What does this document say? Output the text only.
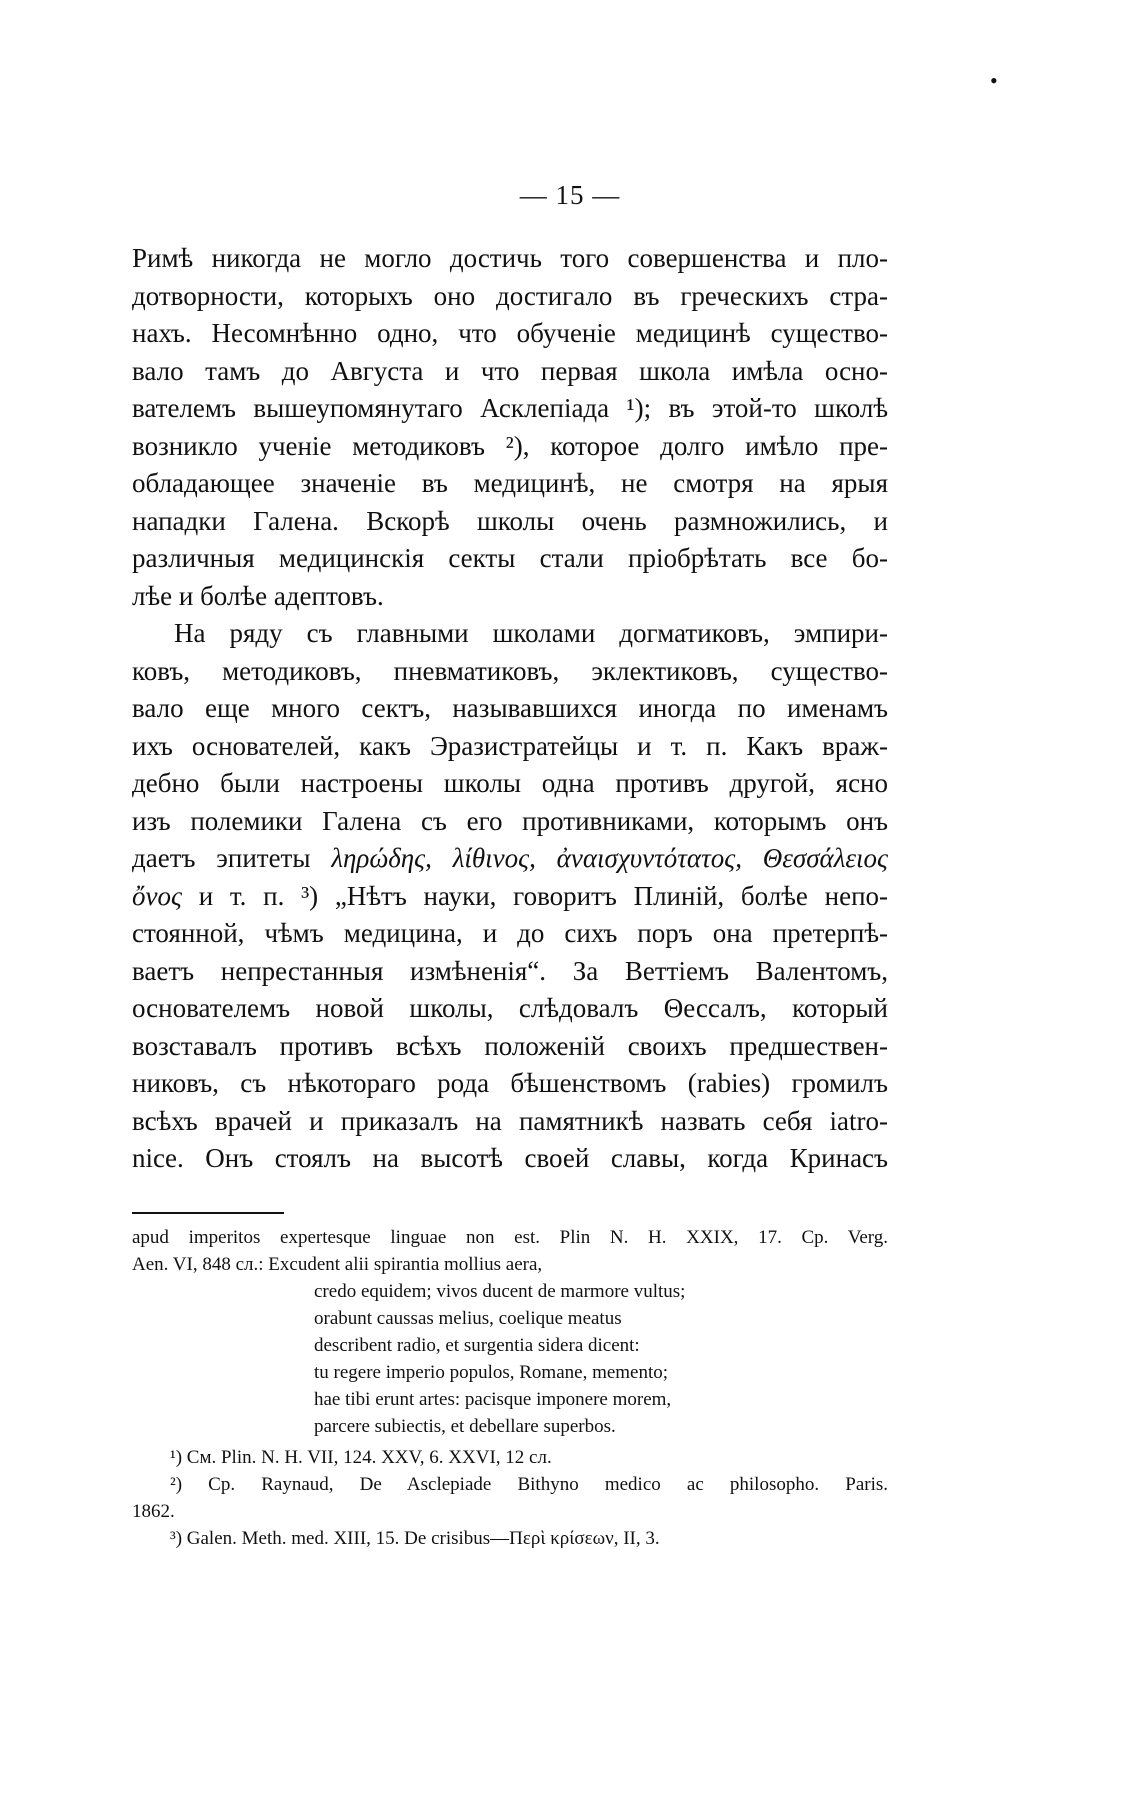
•
— 15 —
Римѣ никогда не могло достичь того совершенства и пло-
дотворности, которыхъ оно достигало въ греческихъ стра-
нахъ. Несомнѣнно одно, что обученіе медицинѣ существо-
вало тамъ до Августа и что первая школа имѣла осно-
вателемъ вышеупомянутаго Асклепіада ¹); въ этой-то школѣ
возникло ученіе методиковъ ²), которое долго имѣло пре-
обладающее значеніе въ медицинѣ, не смотря на ярыя
нападки Галена. Вскорѣ школы очень размножились, и
различныя медицинскія секты стали пріобрѣтать все бо-
лѣе и болѣе адептовъ.
На ряду съ главными школами догматиковъ, эмпири-
ковъ, методиковъ, пневматиковъ, эклектиковъ, существо-
вало еще много сектъ, называвшихся иногда по именамъ
ихъ основателей, какъ Эразистратейцы и т. п. Какъ враж-
дебно были настроены школы одна противъ другой, ясно
изъ полемики Галена съ его противниками, которымъ онъ
даетъ эпитеты ληρώδης, λίθινος, ἀναισχυντότατος, Θεσσάλειος
ὄνος и т. п. ³) „Нѣтъ науки, говоритъ Плиній, болѣе непо-
стоянной, чѣмъ медицина, и до сихъ поръ она претерпѣ-
ваетъ непрестанныя измѣненія“. За Веттіемъ Валентомъ,
основателемъ новой школы, слѣдовалъ Θессалъ, который
возставалъ противъ всѣхъ положеній своихъ предшествен-
никовъ, съ нѣкотораго рода бѣшенствомъ (rabies) громилъ
всѣхъ врачей и приказалъ на памятникѣ назвать себя iatro-
nice. Онъ стоялъ на высотѣ своей славы, когда Кринасъ
apud imperitos expertesque linguae non est. Plin N. H. XXIX, 17. Cp. Verg.
Aen. VI, 848 сл.: Excudent alii spirantia mollius aera,
credo equidem; vivos ducent de marmore vultus;
orabunt caussas melius, coelique meatus
describent radio, et surgentia sidera dicent:
tu regere imperio populos, Romane, memento;
hae tibi erunt artes: pacisque imponere morem,
parcere subiectis, et debellare superbos.
¹) См. Plin. N. H. VII, 124. XXV, 6. XXVI, 12 сл.
²) Cp. Raynaud, De Asclepiade Bithyno medico ac philosopho. Paris.
1862.
³) Galen. Meth. med. XIII, 15. De crisibus—Περὶ κρίσεων, II, 3.
